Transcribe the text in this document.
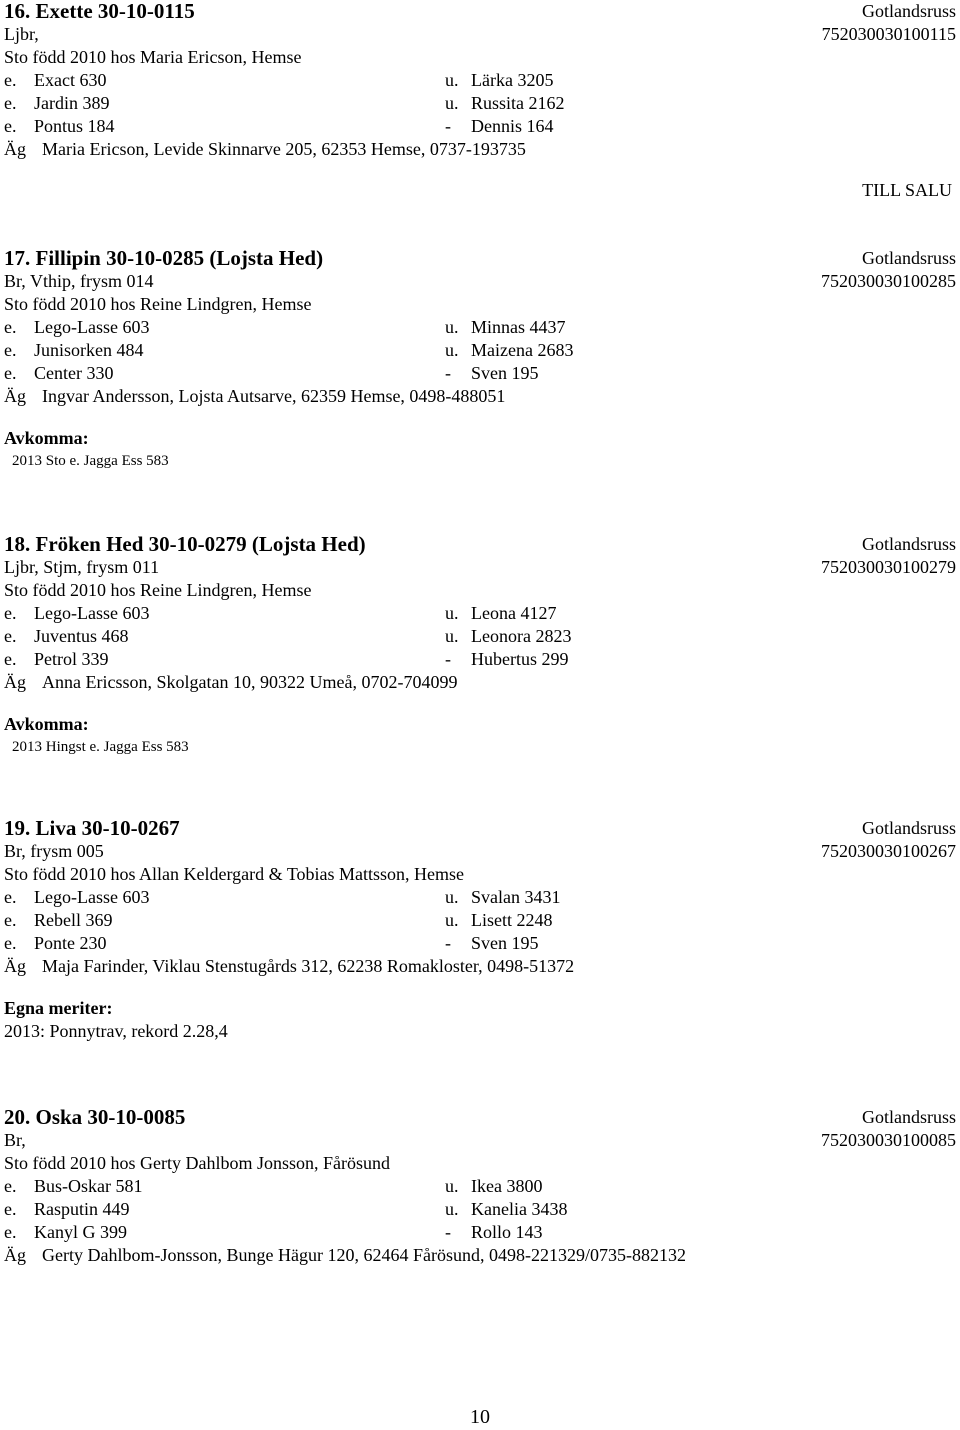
16. Exette 30-10-0115	Gotlandsruss
Ljbr,	752030030100115
Sto född 2010 hos Maria Ericson, Hemse
e. Exact 630	u. Lärka 3205
e. Jardin 389	u. Russita 2162
e. Pontus 184	-	Dennis 164
Äg Maria Ericson, Levide Skinnarve 205, 62353 Hemse, 0737-193735
TILL SALU
17. Fillipin 30-10-0285 (Lojsta Hed)	Gotlandsruss
Br, Vthip, frysm 014	752030030100285
Sto född 2010 hos Reine Lindgren, Hemse
e. Lego-Lasse 603	u. Minnas 4437
e. Junisorken 484	u. Maizena 2683
e. Center 330	-	Sven 195
Äg Ingvar Andersson, Lojsta Autsarve, 62359 Hemse, 0498-488051
Avkomma:
2013 Sto e. Jagga Ess 583
18. Fröken Hed 30-10-0279 (Lojsta Hed)	Gotlandsruss
Ljbr, Stjm, frysm 011	752030030100279
Sto född 2010 hos Reine Lindgren, Hemse
e. Lego-Lasse 603	u. Leona 4127
e. Juventus 468	u. Leonora 2823
e. Petrol 339	-	Hubertus 299
Äg Anna Ericsson, Skolgatan 10, 90322 Umeå, 0702-704099
Avkomma:
2013 Hingst e. Jagga Ess 583
19. Liva 30-10-0267	Gotlandsruss
Br, frysm 005	752030030100267
Sto född 2010 hos Allan Keldergard & Tobias Mattsson, Hemse
e. Lego-Lasse 603	u. Svalan 3431
e. Rebell 369	u. Lisett 2248
e. Ponte 230	-	Sven 195
Äg Maja Farinder, Viklau Stenstugårds 312, 62238 Romakloster, 0498-51372
Egna meriter:
2013: Ponnytrav, rekord 2.28,4
20. Oska 30-10-0085	Gotlandsruss
Br,	752030030100085
Sto född 2010 hos Gerty Dahlbom Jonsson, Fårösund
e. Bus-Oskar 581	u. Ikea 3800
e. Rasputin 449	u. Kanelia 3438
e. Kanyl G 399	-	Rollo 143
Äg Gerty Dahlbom-Jonsson, Bunge Hägur 120, 62464 Fårösund, 0498-221329/0735-882132
10
